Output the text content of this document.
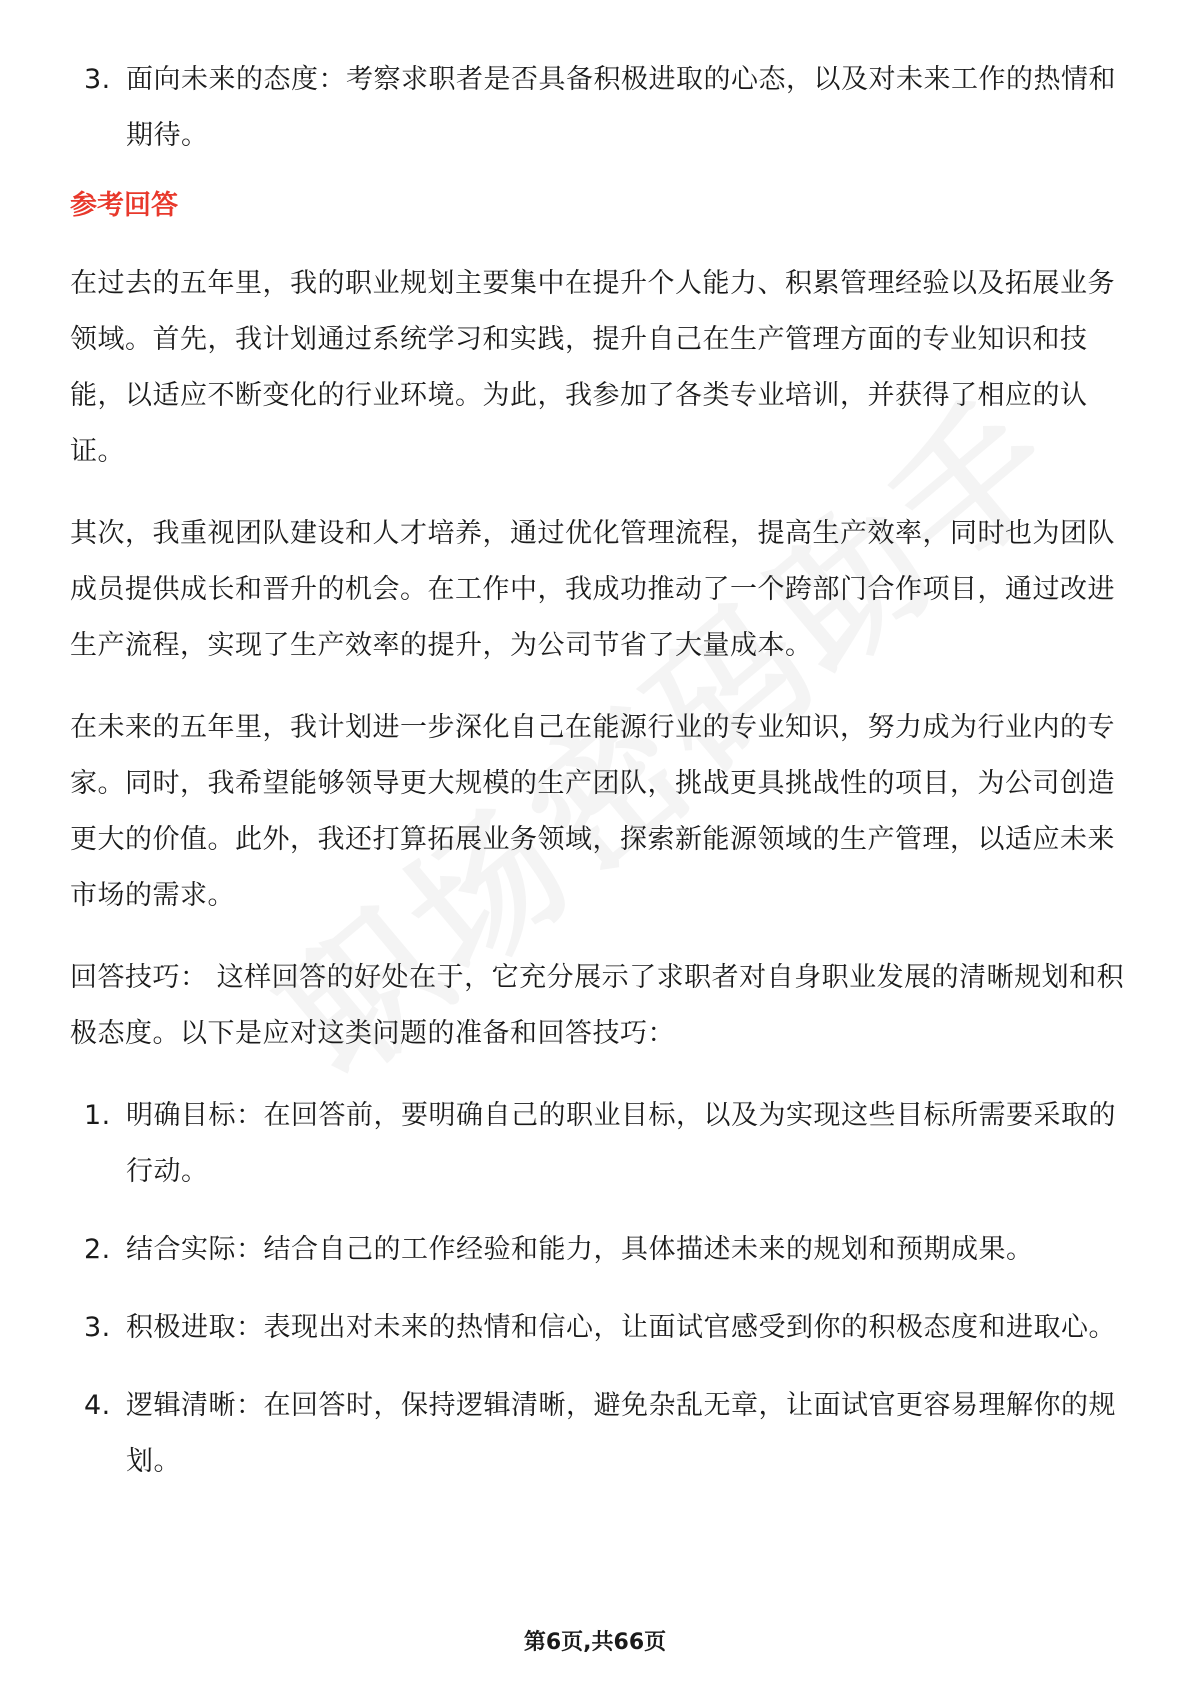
3. 面向未来的态度：考察求职者是否具备积极进取的心态，以及对未来工作的热情和期待。
参考回答
在过去的五年里，我的职业规划主要集中在提升个人能力、积累管理经验以及拓展业务领域。首先，我计划通过系统学习和实践，提升自己在生产管理方面的专业知识和技能，以适应不断变化的行业环境。为此，我参加了各类专业培训，并获得了相应的认证。
其次，我重视团队建设和人才培养，通过优化管理流程，提高生产效率，同时也为团队成员提供成长和晋升的机会。在工作中，我成功推动了一个跨部门合作项目，通过改进生产流程，实现了生产效率的提升，为公司节省了大量成本。
在未来的五年里，我计划进一步深化自己在能源行业的专业知识，努力成为行业内的专家。同时，我希望能够领导更大规模的生产团队，挑战更具挑战性的项目，为公司创造更大的价值。此外，我还打算拓展业务领域，探索新能源领域的生产管理，以适应未来市场的需求。
回答技巧： 这样回答的好处在于，它充分展示了求职者对自身职业发展的清晰规划和积极态度。以下是应对这类问题的准备和回答技巧：
1. 明确目标：在回答前，要明确自己的职业目标，以及为实现这些目标所需要采取的行动。
2. 结合实际：结合自己的工作经验和能力，具体描述未来的规划和预期成果。
3. 积极进取：表现出对未来的热情和信心，让面试官感受到你的积极态度和进取心。
4. 逻辑清晰：在回答时，保持逻辑清晰，避免杂乱无章，让面试官更容易理解你的规划。
第6页,共66页
